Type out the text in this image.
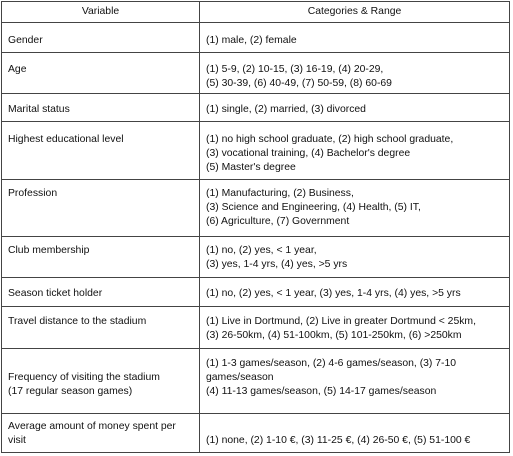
Variable	Categories & Range

Gender	(1) male, (2) female

Age	(1) 5-9, (2) 10-15, (3) 16-19, (4) 20-29,
(5) 30-39, (6) 40-49, (7) 50-59, (8) 60-69

Marital status	(1) single, (2) married, (3) divorced

Highest educational level	(1) no high school graduate, (2) high school graduate,
(3) vocational training, (4) Bachelor's degree
(5) Master's degree

Profession	(1) Manufacturing, (2) Business,
(3) Science and Engineering, (4) Health, (5) IT,
(6) Agriculture, (7) Government

Club membership	(1) no, (2) yes, < 1 year,
(3) yes, 1-4 yrs, (4) yes, >5 yrs

Season ticket holder	(1) no, (2) yes, < 1 year, (3) yes, 1-4 yrs, (4) yes, >5 yrs

Travel distance to the stadium	(1) Live in Dortmund, (2) Live in greater Dortmund < 25km,
(3) 26-50km, (4) 51-100km, (5) 101-250km, (6) >250km

Frequency of visiting the stadium
(17 regular season games)	(1) 1-3 games/season, (2) 4-6 games/season, (3) 7-10
games/season
(4) 11-13 games/season, (5) 14-17 games/season

Average amount of money spent per
visit	(1) none, (2) 1-10 €, (3) 11-25 €, (4) 26-50 €, (5) 51-100 €
